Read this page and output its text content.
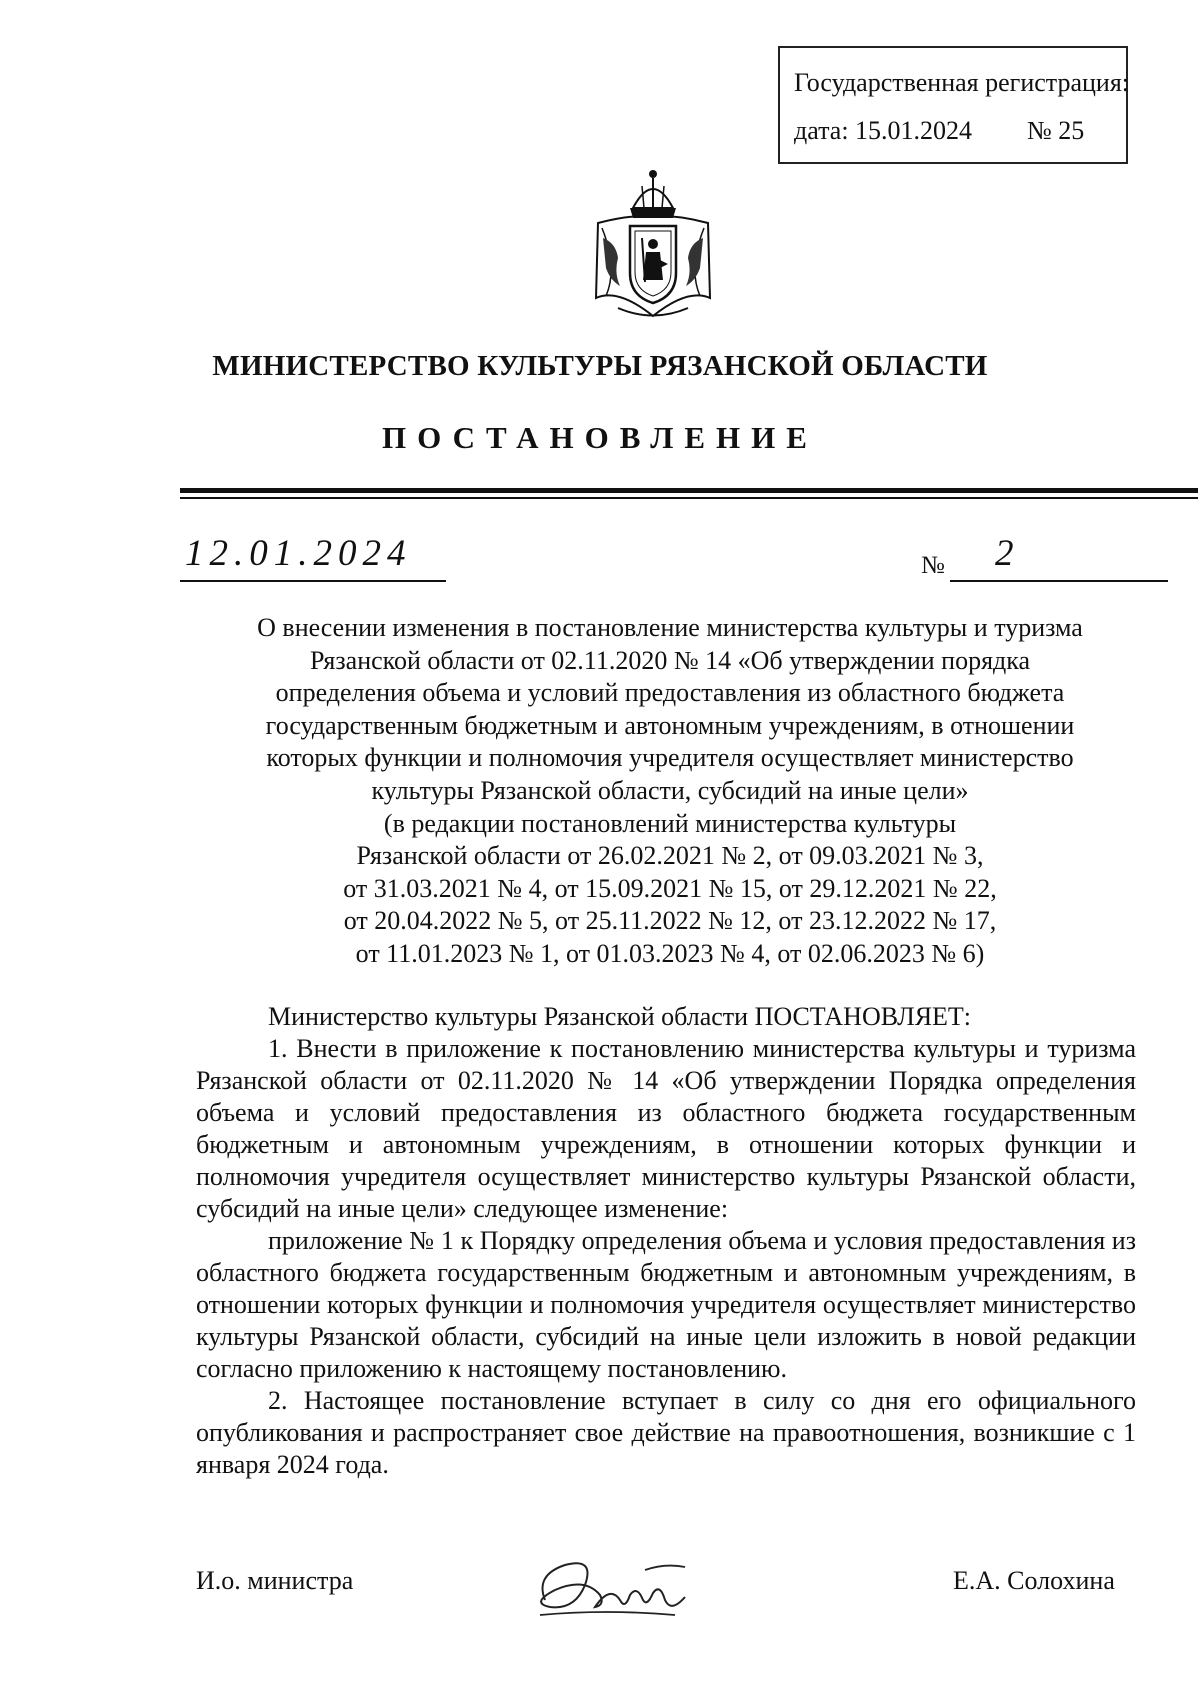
Государственная регистрация:
дата: 15.01.2024 № 25
МИНИСТЕРСТВО КУЛЬТУРЫ РЯЗАНСКОЙ ОБЛАСТИ
ПОСТАНОВЛЕНИЕ
12.01.2024	№ 2
О внесении изменения в постановление министерства культуры и туризма
Рязанской области от 02.11.2020 № 14 «Об утверждении порядка
определения объема и условий предоставления из областного бюджета
государственным бюджетным и автономным учреждениям, в отношении
которых функции и полномочия учредителя осуществляет министерство
культуры Рязанской области, субсидий на иные цели»
(в редакции постановлений министерства культуры
Рязанской области от 26.02.2021 № 2, от 09.03.2021 № 3,
от 31.03.2021 № 4, от 15.09.2021 № 15, от 29.12.2021 № 22,
от 20.04.2022 № 5, от 25.11.2022 № 12, от 23.12.2022 № 17,
от 11.01.2023 № 1, от 01.03.2023 № 4, от 02.06.2023 № 6)
Министерство культуры Рязанской области ПОСТАНОВЛЯЕТ:
1. Внести в приложение к постановлению министерства культуры и туризма Рязанской области от 02.11.2020 № 14 «Об утверждении Порядка определения объема и условий предоставления из областного бюджета государственным бюджетным и автономным учреждениям, в отношении которых функции и полномочия учредителя осуществляет министерство культуры Рязанской области, субсидий на иные цели» следующее изменение:
приложение № 1 к Порядку определения объема и условия предоставления из областного бюджета государственным бюджетным и автономным учреждениям, в отношении которых функции и полномочия учредителя осуществляет министерство культуры Рязанской области, субсидий на иные цели изложить в новой редакции согласно приложению к настоящему постановлению.
2. Настоящее постановление вступает в силу со дня его официального опубликования и распространяет свое действие на правоотношения, возникшие с 1 января 2024 года.
И.о. министра	Е.А. Солохина
